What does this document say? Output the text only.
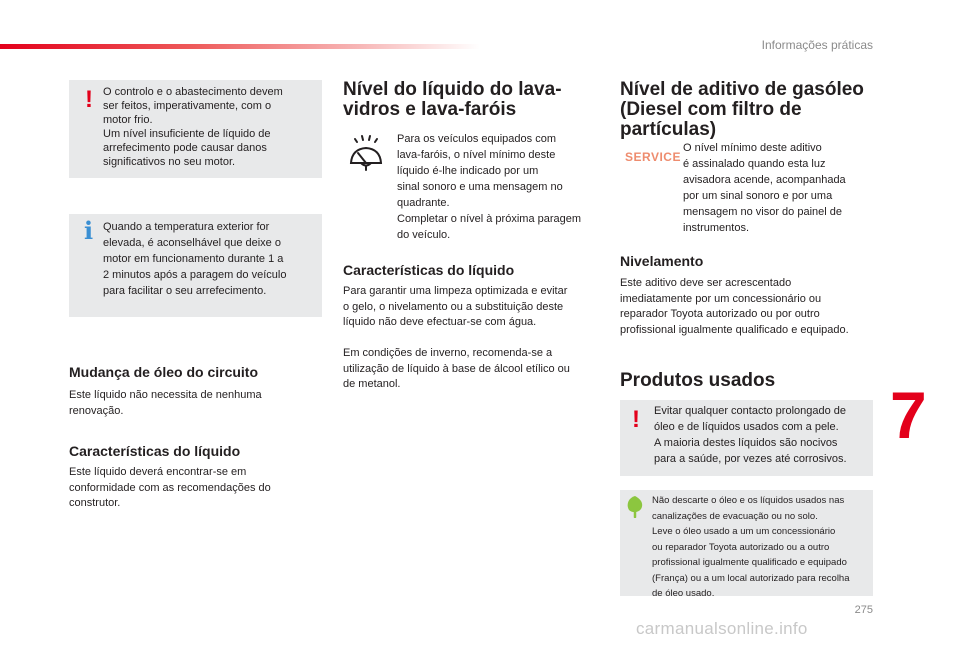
Informações práticas
! O controlo e o abastecimento devem
ser feitos, imperativamente, com o
motor frio.
Um nível insuficiente de líquido de
arrefecimento pode causar danos
significativos no seu motor.
i Quando a temperatura exterior for
elevada, é aconselhável que deixe o
motor em funcionamento durante 1 a
2 minutos após a paragem do veículo
para facilitar o seu arrefecimento.
Mudança de óleo do circuito

Este líquido não necessita de nenhuma
renovação.

Características do líquido

Este líquido deverá encontrar-se em
conformidade com as recomendações do
construtor.

Nível do líquido do lava-
vidros e lava-faróis

Para os veículos equipados com
lava-faróis, o nível mínimo deste
líquido é-lhe indicado por um
sinal sonoro e uma mensagem no
quadrante.
Completar o nível à próxima paragem
do veículo.

Características do líquido

Para garantir uma limpeza optimizada e evitar
o gelo, o nivelamento ou a substituição deste
líquido não deve efectuar-se com água.

Em condições de inverno, recomenda-se a
utilização de líquido à base de álcool etílico ou
de metanol.

Nível de aditivo de gasóleo
(Diesel com filtro de
partículas)
SERVICE

O nível mínimo deste aditivo
é assinalado quando esta luz
avisadora acende, acompanhada
por um sinal sonoro e por uma
mensagem no visor do painel de
instrumentos.

Nivelamento

Este aditivo deve ser acrescentado
imediatamente por um concessionário ou
reparador Toyota autorizado ou por outro
profissional igualmente qualificado e equipado.

Produtos usados
! Evitar qualquer contacto prolongado de
óleo e de líquidos usados com a pele.
A maioria destes líquidos são nocivos
para a saúde, por vezes até corrosivos.
Não descarte o óleo e os líquidos usados nas
canalizações de evacuação ou no solo.
Leve o óleo usado a um um concessionário
ou reparador Toyota autorizado ou a outro
profissional igualmente qualificado e equipado
(França) ou a um local autorizado para recolha
de óleo usado.
7
275
carmanualsonline.info
